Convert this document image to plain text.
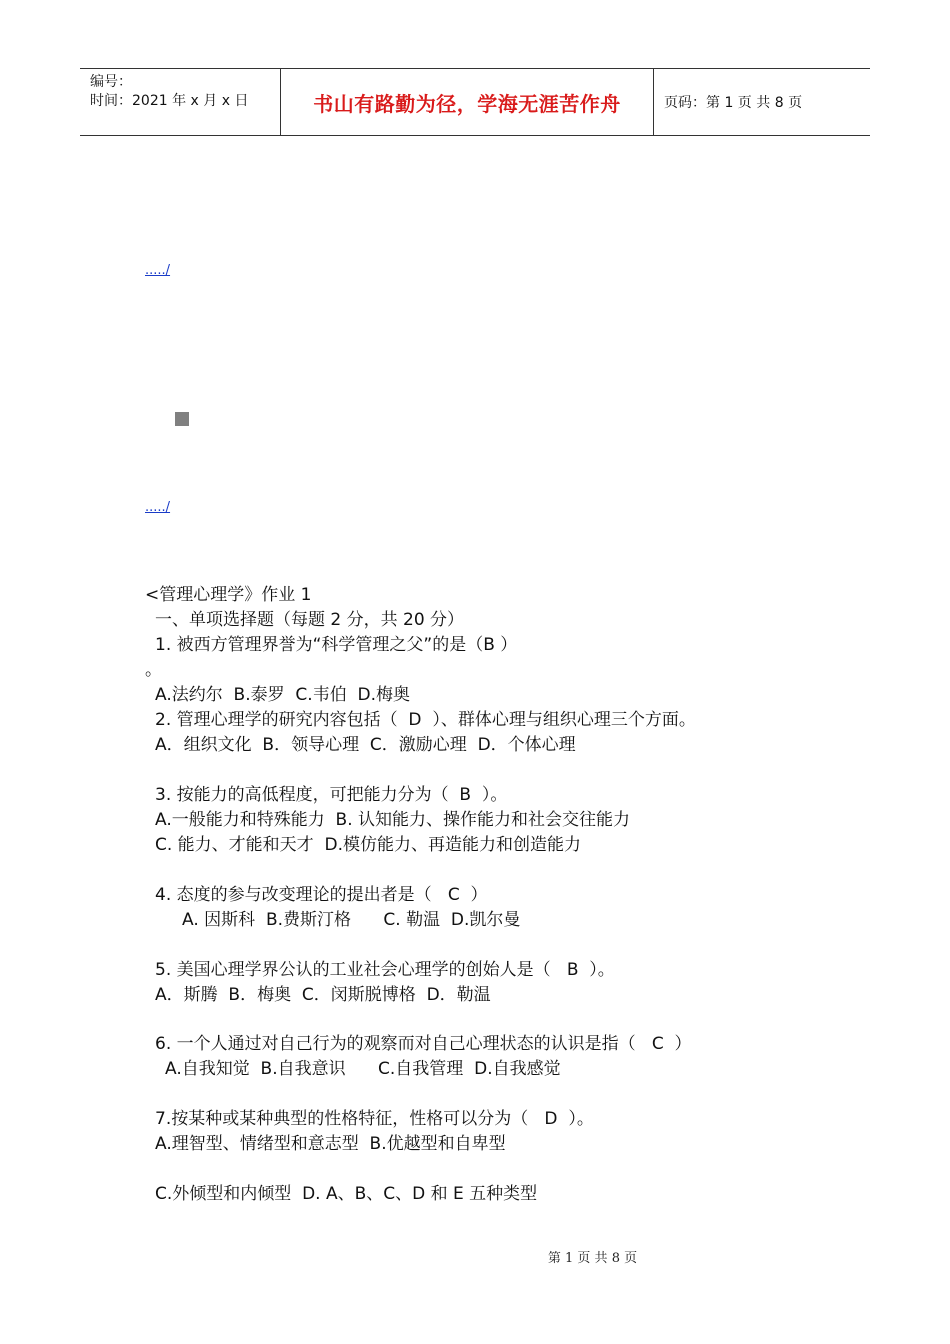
编号：
时间：2021 年 x 月 x 日	书山有路勤为径，学海无涯苦作舟	页码：第 1 页 共 8 页
...../
...../
<管理心理学》作业 1
一、单项选择题（每题 2 分，共 20 分）
1. 被西方管理界誉为“科学管理之父”的是（B ）
。
A.法约尔  B.泰罗  C.韦伯  D.梅奥
2. 管理心理学的研究内容包括（  D  ）、群体心理与组织心理三个方面。
A．组织文化  B．领导心理  C．激励心理  D．个体心理
3. 按能力的高低程度，可把能力分为（  B  ）。
A.一般能力和特殊能力  B. 认知能力、操作能力和社会交往能力
C. 能力、才能和天才  D.模仿能力、再造能力和创造能力
4. 态度的参与改变理论的提出者是（   C  ）
A. 因斯科  B.费斯汀格      C. 勒温  D.凯尔曼
5. 美国心理学界公认的工业社会心理学的创始人是（   B  ）。
A．斯腾  B．梅奥  C．闵斯脱博格  D．勒温
6. 一个人通过对自己行为的观察而对自己心理状态的认识是指（   C  ）
A.自我知觉  B.自我意识      C.自我管理  D.自我感觉
7.按某种或某种典型的性格特征，性格可以分为（   D  ）。
A.理智型、情绪型和意志型  B.优越型和自卑型
C.外倾型和内倾型  D. A、B、C、D 和 E 五种类型
第 1 页 共 8 页
